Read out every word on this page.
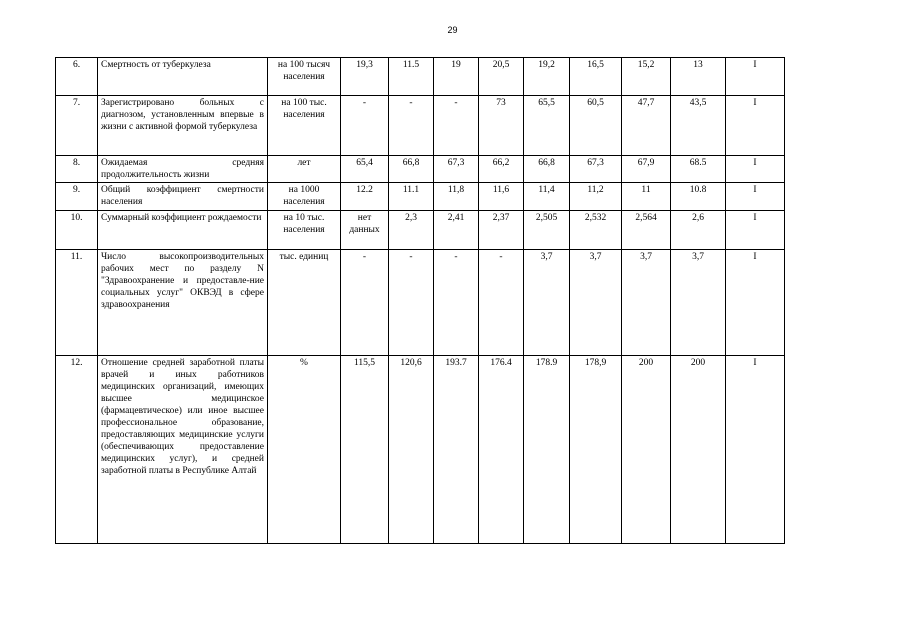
29
6.	Смертность от туберкулеза	на 100 тысяч населения	19,3	11.5	19	20,5	19,2	16,5	15,2	13	I
7.	Зарегистрировано больных с диагнозом, установленным впервые в жизни с активной формой туберкулеза	на 100 тыс. населения	-	-	-	73	65,5	60,5	47,7	43,5	I
8.	Ожидаемая средняя продолжительность жизни	лет	65,4	66,8	67,3	66,2	66,8	67,3	67,9	68.5	I
9.	Общий коэффициент смертности населения	на 1000 населения	12.2	11.1	11,8	11,6	11,4	11,2	11	10.8	I
10.	Суммарный коэффициент рождаемости	на 10 тыс. населения	нет данных	2,3	2,41	2,37	2,505	2,532	2,564	2,6	I
11.	Число высокопроизводительных рабочих мест по разделу N "Здравоохранение и предоставле-ние социальных услуг" ОКВЭД в сфере здравоохранения	тыс. единиц	-	-	-	-	3,7	3,7	3,7	3,7	I
12.	Отношение средней заработной платы врачей и иных работников медицинских организаций, имеющих высшее медицинское (фармацевтическое) или иное высшее профессиональное образование, предоставляющих медицинские услуги (обеспечивающих предоставление медицинских услуг), и средней заработной платы в Республике Алтай	%	115,5	120,6	193.7	176.4	178.9	178,9	200	200	I
